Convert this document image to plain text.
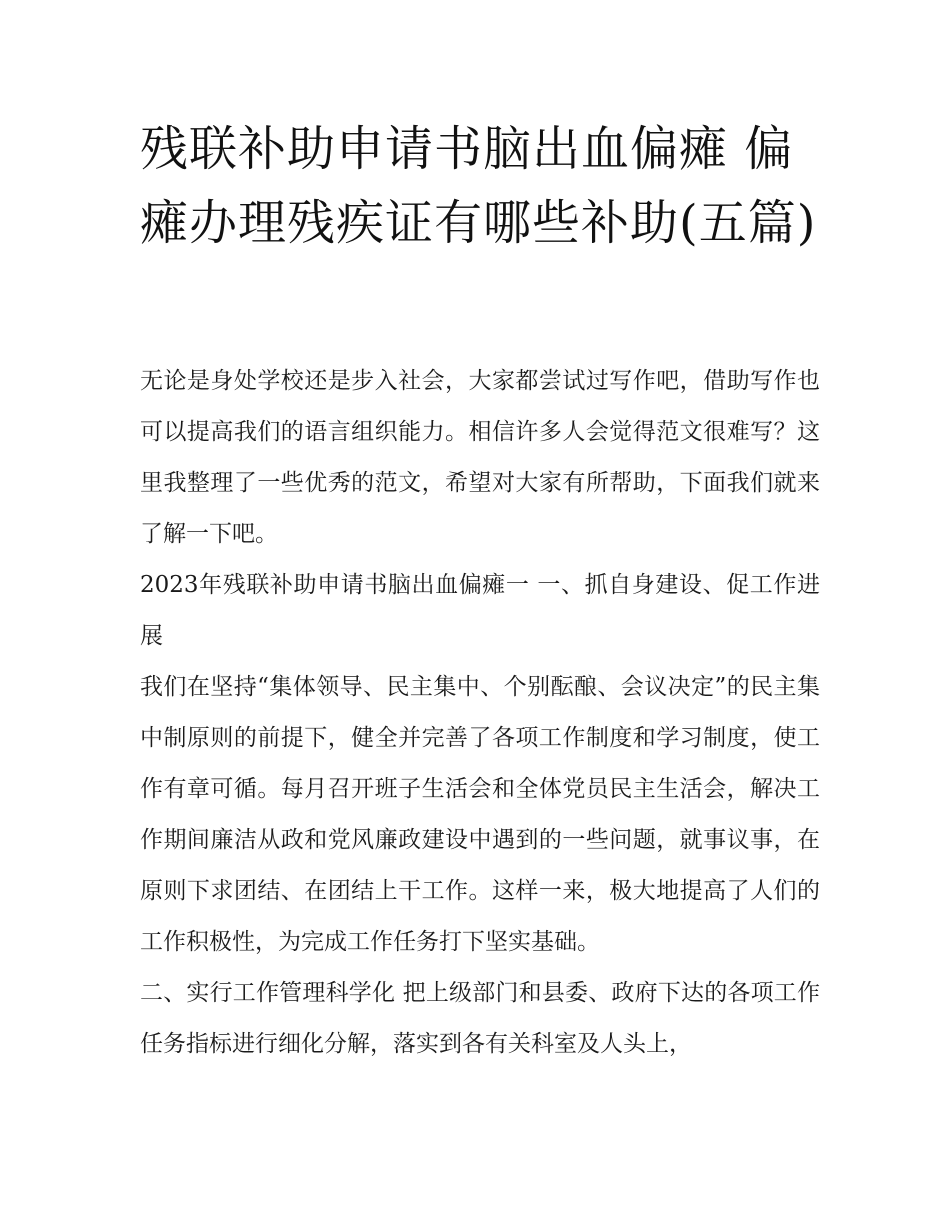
残联补助申请书脑出血偏瘫 偏瘫办理残疾证有哪些补助(五篇)

无论是身处学校还是步入社会，大家都尝试过写作吧，借助写作也可以提高我们的语言组织能力。相信许多人会觉得范文很难写？这里我整理了一些优秀的范文，希望对大家有所帮助，下面我们就来了解一下吧。

2023年残联补助申请书脑出血偏瘫一 一、抓自身建设、促工作进展

我们在坚持“集体领导、民主集中、个别酝酿、会议决定”的民主集中制原则的前提下，健全并完善了各项工作制度和学习制度，使工作有章可循。每月召开班子生活会和全体党员民主生活会，解决工作期间廉洁从政和党风廉政建设中遇到的一些问题，就事议事，在原则下求团结、在团结上干工作。这样一来，极大地提高了人们的工作积极性，为完成工作任务打下坚实基础。

二、实行工作管理科学化 把上级部门和县委、政府下达的各项工作任务指标进行细化分解，落实到各有关科室及人头上，
